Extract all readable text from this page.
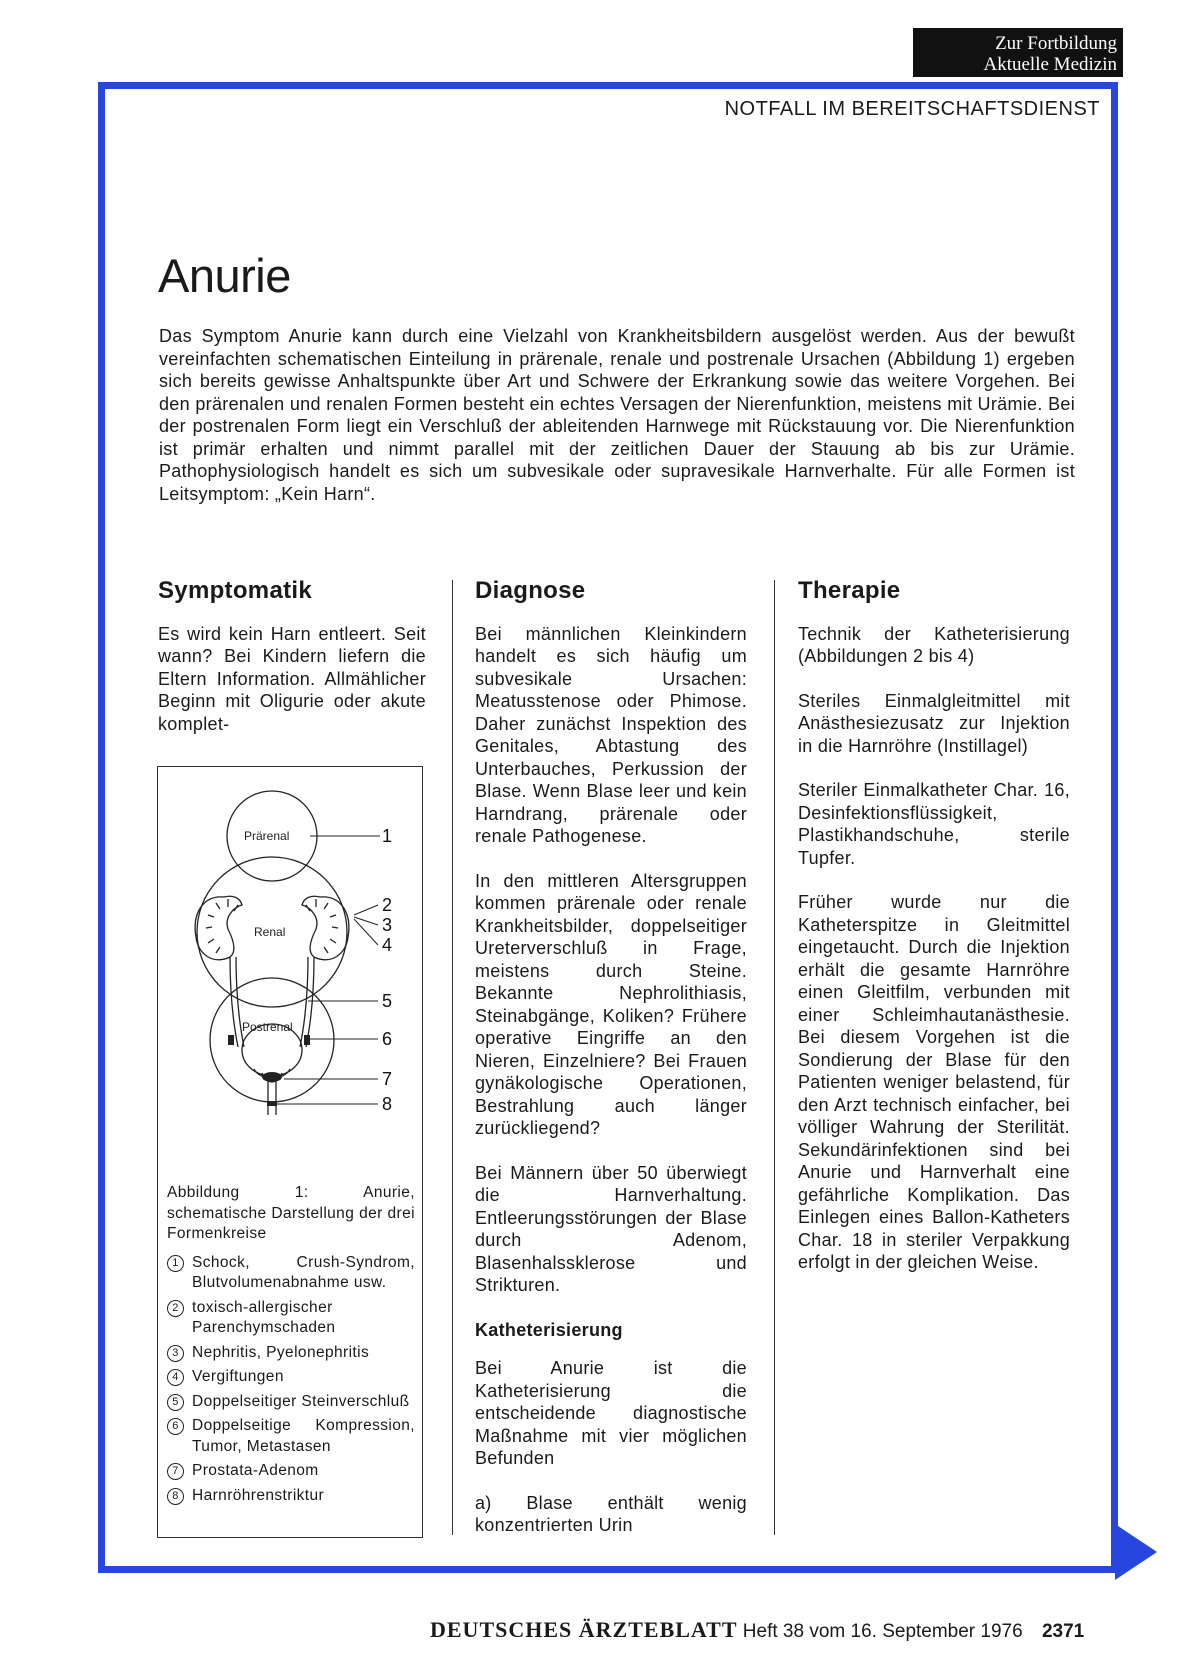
Zur Fortbildung
Aktuelle Medizin
NOTFALL IM BEREITSCHAFTSDIENST
Anurie

Das Symptom Anurie kann durch eine Vielzahl von Krankheitsbildern ausgelöst werden. Aus der bewußt vereinfachten schematischen Einteilung in prärenale, renale und postrenale Ursachen (Abbildung 1) ergeben sich bereits gewisse Anhaltspunkte über Art und Schwere der Erkrankung sowie das weitere Vorgehen. Bei den prärenalen und renalen Formen besteht ein echtes Versagen der Nierenfunktion, meistens mit Urämie. Bei der postrenalen Form liegt ein Verschluß der ableitenden Harnwege mit Rückstauung vor. Die Nierenfunktion ist primär erhalten und nimmt parallel mit der zeitlichen Dauer der Stauung ab bis zur Urämie. Pathophysiologisch handelt es sich um subvesikale oder supravesikale Harnverhalte. Für alle Formen ist Leitsymptom: „Kein Harn“.

Symptomatik

Es wird kein Harn entleert. Seit wann? Bei Kindern liefern die Eltern Information. Allmählicher Beginn mit Oligurie oder akute komplet-

Prärenal
Renal
Postrenal
1
2
3
4
5
6
7
8

Abbildung 1: Anurie, schematische Darstellung der drei Formenkreise

1 Schock, Crush-Syndrom, Blutvolumenabnahme usw.
2 toxisch-allergischer Parenchymschaden
3 Nephritis, Pyelonephritis
4 Vergiftungen
5 Doppelseitiger Steinverschluß
6 Doppelseitige Kompression, Tumor, Metastasen
7 Prostata-Adenom
8 Harnröhrenstriktur
Diagnose

Bei männlichen Kleinkindern handelt es sich häufig um subvesikale Ursachen: Meatusstenose oder Phimose. Daher zunächst Inspektion des Genitales, Abtastung des Unterbauches, Perkussion der Blase. Wenn Blase leer und kein Harndrang, prärenale oder renale Pathogenese.

In den mittleren Altersgruppen kommen prärenale oder renale Krankheitsbilder, doppelseitiger Ureterverschluß in Frage, meistens durch Steine. Bekannte Nephrolithiasis, Steinabgänge, Koliken? Frühere operative Eingriffe an den Nieren, Einzelniere? Bei Frauen gynäkologische Operationen, Bestrahlung auch länger zurückliegend?

Bei Männern über 50 überwiegt die Harnverhaltung. Entleerungsstörungen der Blase durch Adenom, Blasenhalssklerose und Strikturen.

Katheterisierung

Bei Anurie ist die Katheterisierung die entscheidende diagnostische Maßnahme mit vier möglichen Befunden

a) Blase enthält wenig konzentrierten Urin

Therapie

Technik der Katheterisierung (Abbildungen 2 bis 4)

Steriles Einmalgleitmittel mit Anästhesiezusatz zur Injektion in die Harnröhre (Instillagel)

Steriler Einmalkatheter Char. 16, Desinfektionsflüssigkeit, Plastikhandschuhe, sterile Tupfer.

Früher wurde nur die Katheterspitze in Gleitmittel eingetaucht. Durch die Injektion erhält die gesamte Harnröhre einen Gleitfilm, verbunden mit einer Schleimhautanästhesie. Bei diesem Vorgehen ist die Sondierung der Blase für den Patienten weniger belastend, für den Arzt technisch einfacher, bei völliger Wahrung der Sterilität. Sekundärinfektionen sind bei Anurie und Harnverhalt eine gefährliche Komplikation. Das Einlegen eines Ballon-Katheters Char. 18 in steriler Verpakkung erfolgt in der gleichen Weise.

DEUTSCHES ÄRZTEBLATT Heft 38 vom 16. September 1976 2371
